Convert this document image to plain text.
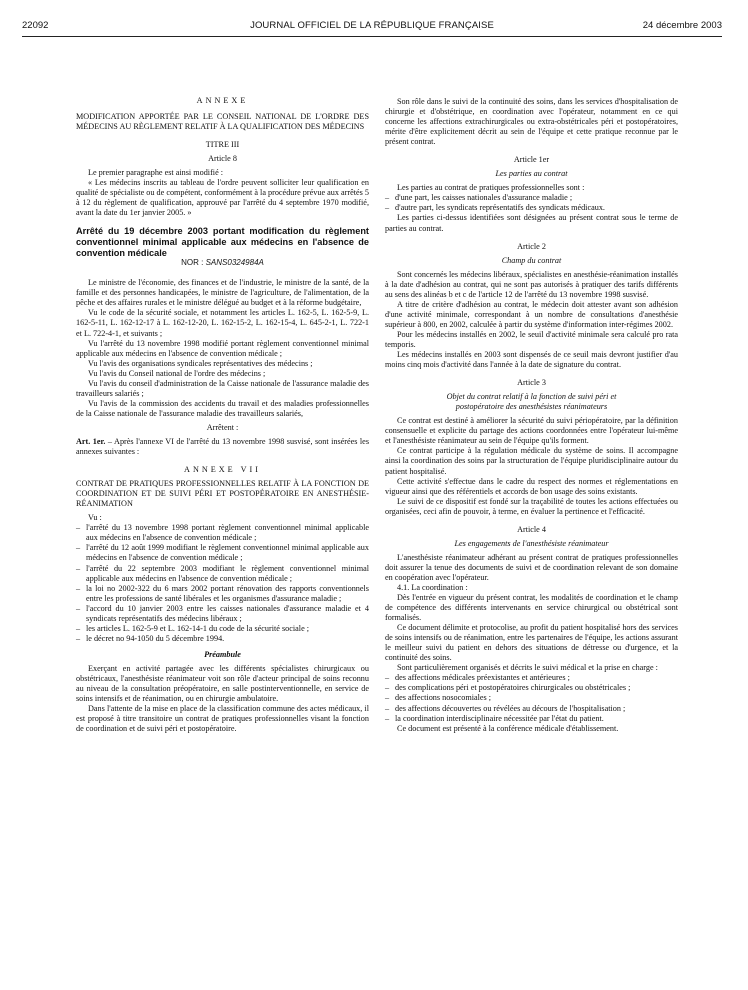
22092	JOURNAL OFFICIEL DE LA RÉPUBLIQUE FRANÇAISE	24 décembre 2003

ANNEXE

MODIFICATION APPORTÉE PAR LE CONSEIL NATIONAL DE L'ORDRE DES MÉDECINS AU RÈGLEMENT RELATIF À LA QUALIFICATION DES MÉDECINS

TITRE III

Article 8

Le premier paragraphe est ainsi modifié :

« Les médecins inscrits au tableau de l'ordre peuvent solliciter leur qualification en qualité de spécialiste ou de compétent, conformément à la procédure prévue aux arrêtés 5 à 12 du règlement de qualification, approuvé par l'arrêté du 4 septembre 1970 modifié, avant la date du 1er janvier 2005. »

Arrêté du 19 décembre 2003 portant modification du règlement conventionnel minimal applicable aux médecins en l'absence de convention médicale

NOR : SANS0324984A

Le ministre de l'économie, des finances et de l'industrie, le ministre de la santé, de la famille et des personnes handicapées, le ministre de l'agriculture, de l'alimentation, de la pêche et des affaires rurales et le ministre délégué au budget et à la réforme budgétaire,

Vu le code de la sécurité sociale, et notamment les articles L. 162-5, L. 162-5-9, L. 162-5-11, L. 162-12-17 à L. 162-12-20, L. 162-15-2, L. 162-15-4, L. 645-2-1, L. 722-1 et L. 722-4-1, et suivants ;

Vu l'arrêté du 13 novembre 1998 modifié portant règlement conventionnel minimal applicable aux médecins en l'absence de convention médicale ;

Vu l'avis des organisations syndicales représentatives des médecins ;

Vu l'avis du Conseil national de l'ordre des médecins ;

Vu l'avis du conseil d'administration de la Caisse nationale de l'assurance maladie des travailleurs salariés ;

Vu l'avis de la commission des accidents du travail et des maladies professionnelles de la Caisse nationale de l'assurance maladie des travailleurs salariés,

Arrêtent :

Art. 1er. – Après l'annexe VI de l'arrêté du 13 novembre 1998 susvisé, sont insérées les annexes suivantes :

ANNEXE VII

CONTRAT DE PRATIQUES PROFESSIONNELLES RELATIF À LA FONCTION DE COORDINATION ET DE SUIVI PÉRI ET POSTOPÉRATOIRE EN ANESTHÉSIE-RÉANIMATION

Vu :

– l'arrêté du 13 novembre 1998 portant règlement conventionnel minimal applicable aux médecins en l'absence de convention médicale ;
– l'arrêté du 12 août 1999 modifiant le règlement conventionnel minimal applicable aux médecins en l'absence de convention médicale ;
– l'arrêté du 22 septembre 2003 modifiant le règlement conventionnel minimal applicable aux médecins en l'absence de convention médicale ;
– la loi no 2002-322 du 6 mars 2002 portant rénovation des rapports conventionnels entre les professions de santé libérales et les organismes d'assurance maladie ;
– l'accord du 10 janvier 2003 entre les caisses nationales d'assurance maladie et 4 syndicats représentatifs des médecins libéraux ;
– les articles L. 162-5-9 et L. 162-14-1 du code de la sécurité sociale ;
– le décret no 94-1050 du 5 décembre 1994.

Préambule

Exerçant en activité partagée avec les différents spécialistes chirurgicaux ou obstétricaux, l'anesthésiste réanimateur voit son rôle d'acteur principal de soins reconnu au niveau de la consultation préopératoire, en salle postinterventionnelle, en service de soins intensifs et de réanimation, ou en chirurgie ambulatoire.

Dans l'attente de la mise en place de la classification commune des actes médicaux, il est proposé à titre transitoire un contrat de pratiques professionnelles visant la fonction de coordination et de suivi péri et postopératoire.

Son rôle dans le suivi de la continuité des soins, dans les services d'hospitalisation de chirurgie et d'obstétrique, en coordination avec l'opérateur, notamment en ce qui concerne les affections extrachirurgicales ou extra-obstétricales péri et postopératoires, mérite d'être explicitement décrit au sein de l'équipe et cette pratique reconnue par le présent contrat.

Article 1er

Les parties au contrat

Les parties au contrat de pratiques professionnelles sont :

– d'une part, les caisses nationales d'assurance maladie ;
– d'autre part, les syndicats représentatifs des syndicats médicaux.

Les parties ci-dessus identifiées sont désignées au présent contrat sous le terme de parties au contrat.

Article 2

Champ du contrat

Sont concernés les médecins libéraux, spécialistes en anesthésie-réanimation installés à la date d'adhésion au contrat, qui ne sont pas autorisés à pratiquer des tarifs différents au sens des alinéas b et c de l'article 12 de l'arrêté du 13 novembre 1998 susvisé.

A titre de critère d'adhésion au contrat, le médecin doit attester avant son adhésion d'une activité minimale, correspondant à un nombre de consultations d'anesthésie supérieur à 800, en 2002, calculée à partir du système d'information inter-régimes 2002.

Pour les médecins installés en 2002, le seuil d'activité minimale sera calculé pro rata temporis.

Les médecins installés en 2003 sont dispensés de ce seuil mais devront justifier d'au moins cinq mois d'activité dans l'année à la date de signature du contrat.

Article 3

Objet du contrat relatif à la fonction de suivi péri et postopératoire des anesthésistes réanimateurs

Ce contrat est destiné à améliorer la sécurité du suivi périopératoire, par la définition consensuelle et explicite du partage des actions coordonnées entre l'opérateur lui-même et l'anesthésiste réanimateur au sein de l'équipe qu'ils forment.

Ce contrat participe à la régulation médicale du système de soins. Il accompagne ainsi la coordination des soins par la structuration de l'équipe pluridisciplinaire autour du patient hospitalisé.

Cette activité s'effectue dans le cadre du respect des normes et réglementations en vigueur ainsi que des référentiels et accords de bon usage des soins existants.

Le suivi de ce dispositif est fondé sur la traçabilité de toutes les actions effectuées ou organisées, ceci afin de pouvoir, à terme, en évaluer la pertinence et l'efficacité.

Article 4

Les engagements de l'anesthésiste réanimateur

L'anesthésiste réanimateur adhérant au présent contrat de pratiques professionnelles doit assurer la tenue des documents de suivi et de coordination relevant de son domaine en coopération avec l'opérateur.

4.1. La coordination :

Dès l'entrée en vigueur du présent contrat, les modalités de coordination et le champ de compétence des différents intervenants en service chirurgical ou obstétrical sont formalisés.

Ce document délimite et protocolise, au profit du patient hospitalisé hors des services de soins intensifs ou de réanimation, entre les partenaires de l'équipe, les actions assurant le meilleur suivi du patient en dehors des situations de détresse ou d'urgence, et la continuité des soins.

Sont particulièrement organisés et décrits le suivi médical et la prise en charge :

– des affections médicales préexistantes et antérieures ;
– des complications péri et postopératoires chirurgicales ou obstétricales ;
– des affections nosocomiales ;
– des affections découvertes ou révélées au décours de l'hospitalisation ;
– la coordination interdisciplinaire nécessitée par l'état du patient.

Ce document est présenté à la conférence médicale d'établissement.
